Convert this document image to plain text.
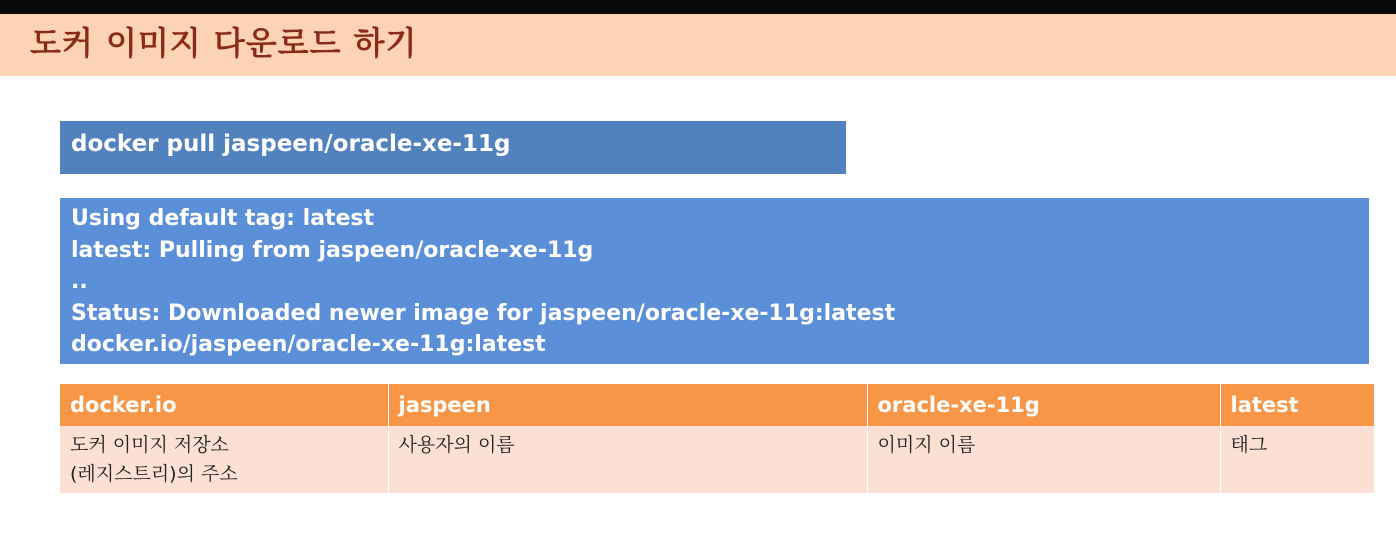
도커 이미지 다운로드 하기
docker pull jaspeen/oracle-xe-11g
Using default tag: latest
latest: Pulling from jaspeen/oracle-xe-11g
..
Status: Downloaded newer image for jaspeen/oracle-xe-11g:latest
docker.io/jaspeen/oracle-xe-11g:latest
docker.io	jaspeen	oracle-xe-11g	latest

도커 이미지 저장소
(레지스트리)의 주소	사용자의 이름	이미지 이름	태그
